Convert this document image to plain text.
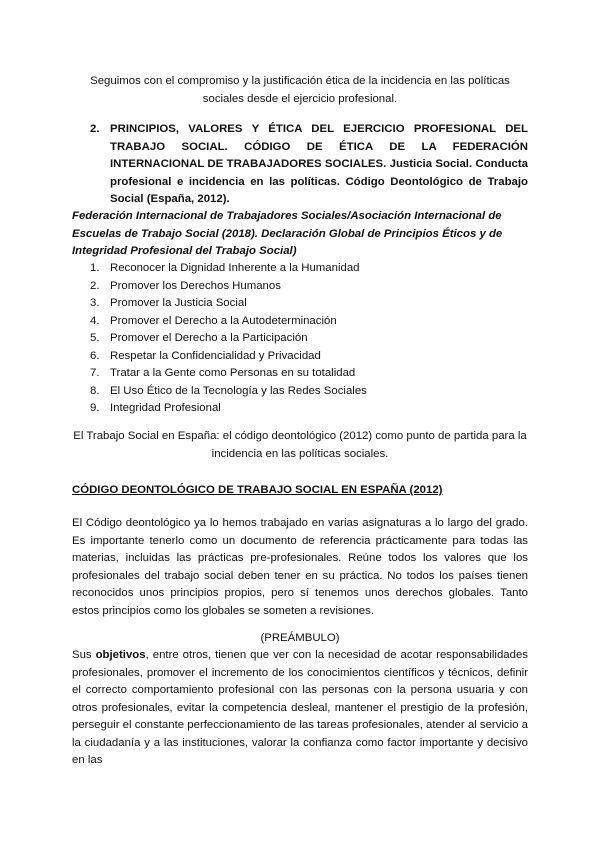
Seguimos con el compromiso y la justificación ética de la incidencia en las políticas sociales desde el ejercicio profesional.

2. PRINCIPIOS, VALORES Y ÉTICA DEL EJERCICIO PROFESIONAL DEL TRABAJO SOCIAL. CÓDIGO DE ÉTICA DE LA FEDERACIÓN INTERNACIONAL DE TRABAJADORES SOCIALES. Justicia Social. Conducta profesional e incidencia en las políticas. Código Deontológico de Trabajo Social (España, 2012).

Federación Internacional de Trabajadores Sociales/Asociación Internacional de Escuelas de Trabajo Social (2018). Declaración Global de Principios Éticos y de Integridad Profesional del Trabajo Social)

1. Reconocer la Dignidad Inherente a la Humanidad
2. Promover los Derechos Humanos
3. Promover la Justicia Social
4. Promover el Derecho a la Autodeterminación
5. Promover el Derecho a la Participación
6. Respetar la Confidencialidad y Privacidad
7. Tratar a la Gente como Personas en su totalidad
8. El Uso Ético de la Tecnología y las Redes Sociales
9. Integridad Profesional

El Trabajo Social en España: el código deontológico (2012) como punto de partida para la incidencia en las políticas sociales.

CÓDIGO DEONTOLÓGICO DE TRABAJO SOCIAL EN ESPAÑA (2012)

El Código deontológico ya lo hemos trabajado en varias asignaturas a lo largo del grado. Es importante tenerlo como un documento de referencia prácticamente para todas las materias, incluidas las prácticas pre-profesionales. Reúne todos los valores que los profesionales del trabajo social deben tener en su práctica. No todos los países tienen reconocidos unos principios propios, pero sí tenemos unos derechos globales. Tanto estos principios como los globales se someten a revisiones.

(PREÁMBULO)

Sus objetivos, entre otros, tienen que ver con la necesidad de acotar responsabilidades profesionales, promover el incremento de los conocimientos científicos y técnicos, definir el correcto comportamiento profesional con las personas con la persona usuaria y con otros profesionales, evitar la competencia desleal, mantener el prestigio de la profesión, perseguir el constante perfeccionamiento de las tareas profesionales, atender al servicio a la ciudadanía y a las instituciones, valorar la confianza como factor importante y decisivo en las
